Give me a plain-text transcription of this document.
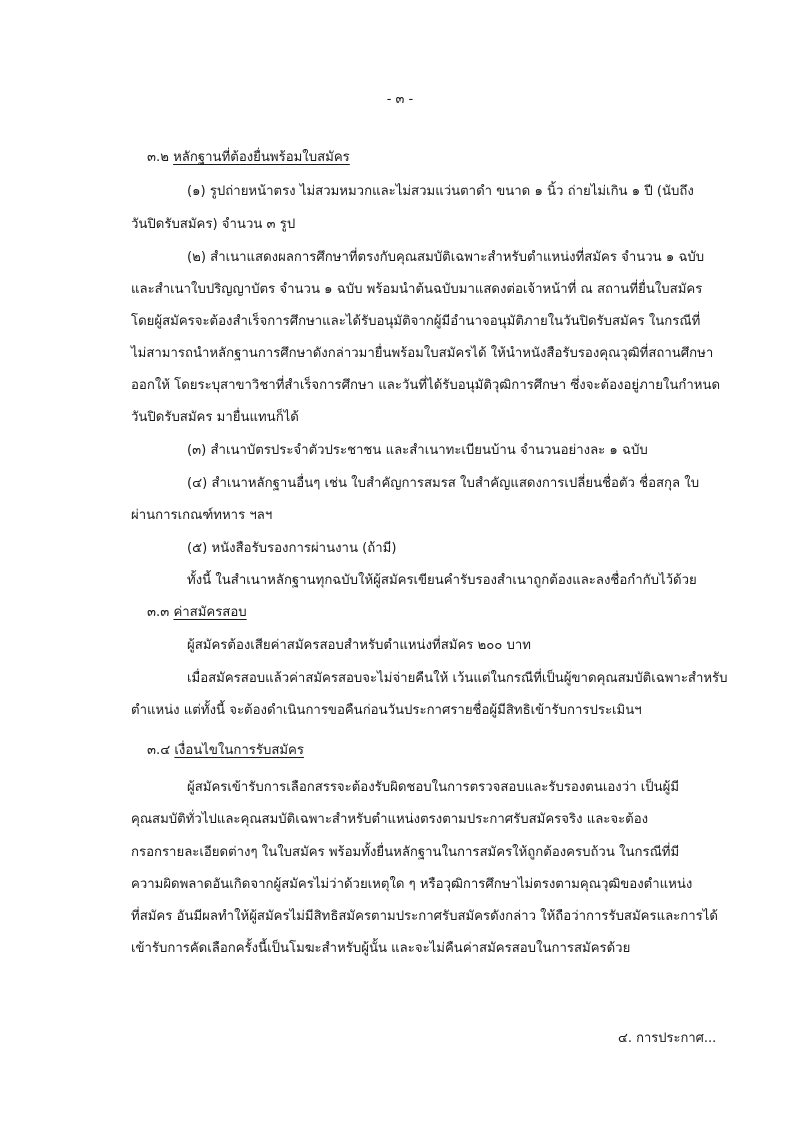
- ๓ -
๓.๒ หลักฐานที่ต้องยื่นพร้อมใบสมัคร
(๑) รูปถ่ายหน้าตรง ไม่สวมหมวกและไม่สวมแว่นตาดำ ขนาด ๑ นิ้ว ถ่ายไม่เกิน ๑ ปี (นับถึง
วันปิดรับสมัคร) จำนวน ๓ รูป
(๒) สำเนาแสดงผลการศึกษาที่ตรงกับคุณสมบัติเฉพาะสำหรับตำแหน่งที่สมัคร จำนวน ๑ ฉบับ
และสำเนาใบปริญญาบัตร จำนวน ๑ ฉบับ พร้อมนำต้นฉบับมาแสดงต่อเจ้าหน้าที่ ณ สถานที่ยื่นใบสมัคร
โดยผู้สมัครจะต้องสำเร็จการศึกษาและได้รับอนุมัติจากผู้มีอำนาจอนุมัติภายในวันปิดรับสมัคร ในกรณีที่
ไม่สามารถนำหลักฐานการศึกษาดังกล่าวมายื่นพร้อมใบสมัครได้ ให้นำหนังสือรับรองคุณวุฒิที่สถานศึกษา
ออกให้ โดยระบุสาขาวิชาที่สำเร็จการศึกษา และวันที่ได้รับอนุมัติวุฒิการศึกษา ซึ่งจะต้องอยู่ภายในกำหนด
วันปิดรับสมัคร มายื่นแทนก็ได้
(๓) สำเนาบัตรประจำตัวประชาชน และสำเนาทะเบียนบ้าน จำนวนอย่างละ ๑ ฉบับ
(๔) สำเนาหลักฐานอื่นๆ เช่น ใบสำคัญการสมรส ใบสำคัญแสดงการเปลี่ยนชื่อตัว ชื่อสกุล ใบ
ผ่านการเกณฑ์ทหาร ฯลฯ
(๕) หนังสือรับรองการผ่านงาน (ถ้ามี)
ทั้งนี้ ในสำเนาหลักฐานทุกฉบับให้ผู้สมัครเขียนคำรับรองสำเนาถูกต้องและลงชื่อกำกับไว้ด้วย
๓.๓ ค่าสมัครสอบ
ผู้สมัครต้องเสียค่าสมัครสอบสำหรับตำแหน่งที่สมัคร ๒๐๐ บาท
เมื่อสมัครสอบแล้วค่าสมัครสอบจะไม่จ่ายคืนให้ เว้นแต่ในกรณีที่เป็นผู้ขาดคุณสมบัติเฉพาะสำหรับ
ตำแหน่ง แต่ทั้งนี้ จะต้องดำเนินการขอคืนก่อนวันประกาศรายชื่อผู้มีสิทธิเข้ารับการประเมินฯ
๓.๔ เงื่อนไขในการรับสมัคร
ผู้สมัครเข้ารับการเลือกสรรจะต้องรับผิดชอบในการตรวจสอบและรับรองตนเองว่า เป็นผู้มี
คุณสมบัติทั่วไปและคุณสมบัติเฉพาะสำหรับตำแหน่งตรงตามประกาศรับสมัครจริง และจะต้อง
กรอกรายละเอียดต่างๆ ในใบสมัคร พร้อมทั้งยื่นหลักฐานในการสมัครให้ถูกต้องครบถ้วน ในกรณีที่มี
ความผิดพลาดอันเกิดจากผู้สมัครไม่ว่าด้วยเหตุใด ๆ หรือวุฒิการศึกษาไม่ตรงตามคุณวุฒิของตำแหน่ง
ที่สมัคร อันมีผลทำให้ผู้สมัครไม่มีสิทธิสมัครตามประกาศรับสมัครดังกล่าว ให้ถือว่าการรับสมัครและการได้
เข้ารับการคัดเลือกครั้งนี้เป็นโมฆะสำหรับผู้นั้น และจะไม่คืนค่าสมัครสอบในการสมัครด้วย
๔. การประกาศ...
